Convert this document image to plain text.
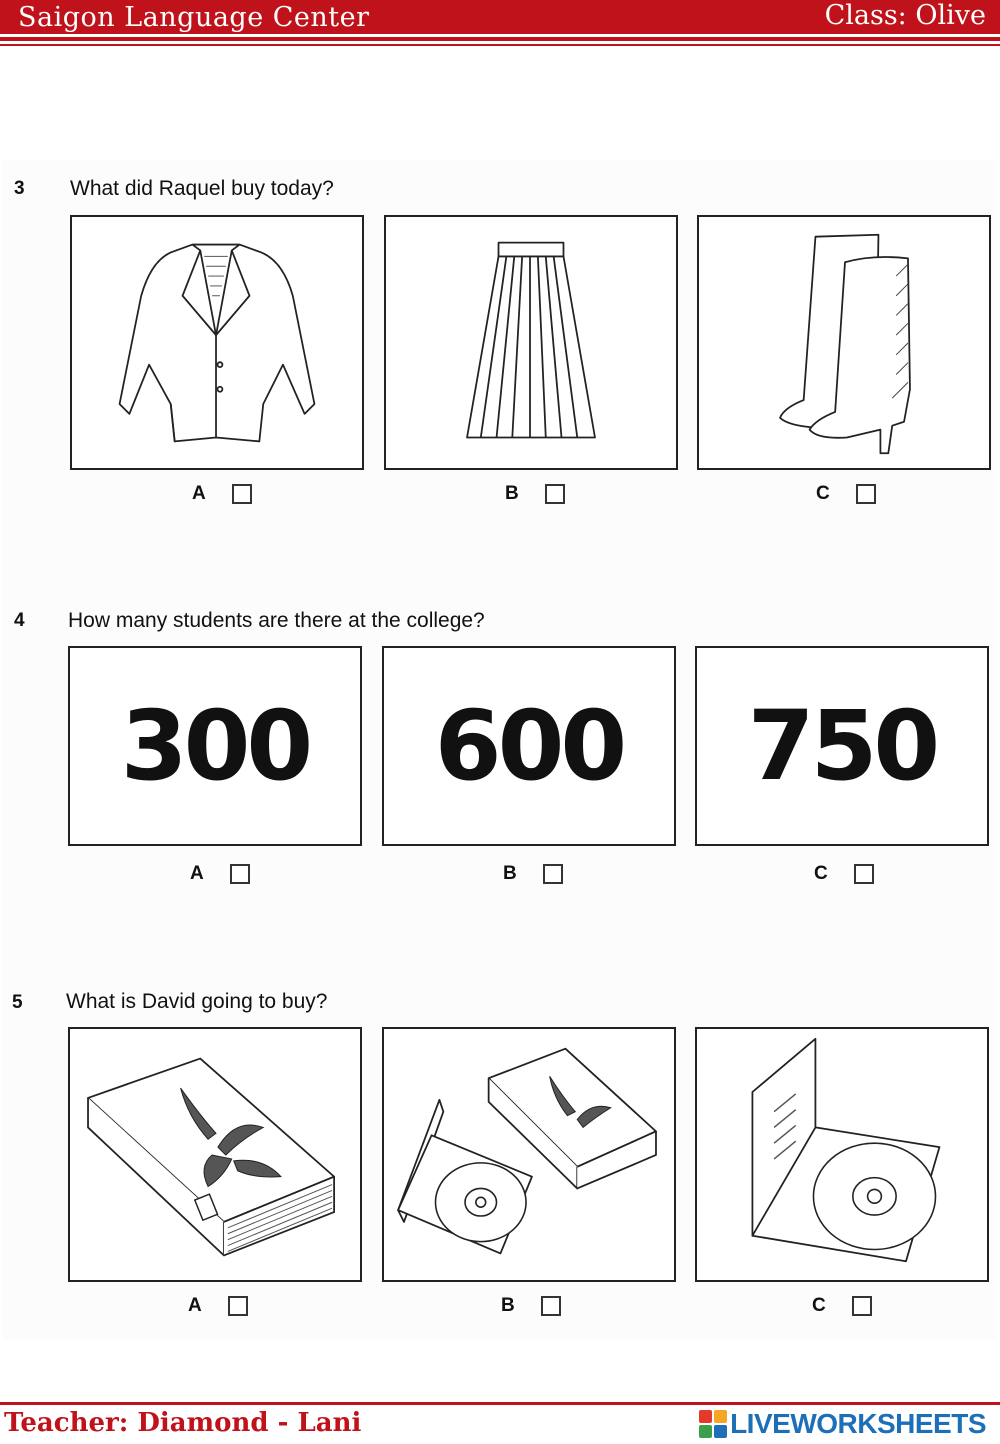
Saigon Language Center	Class: Olive
3 What did Raquel buy today?
A	B	C
4 How many students are there at the college?
300	600	750
A	B	C
5 What is David going to buy?
A	B	C
Teacher: Diamond - Lani	LIVEWORKSHEETS
